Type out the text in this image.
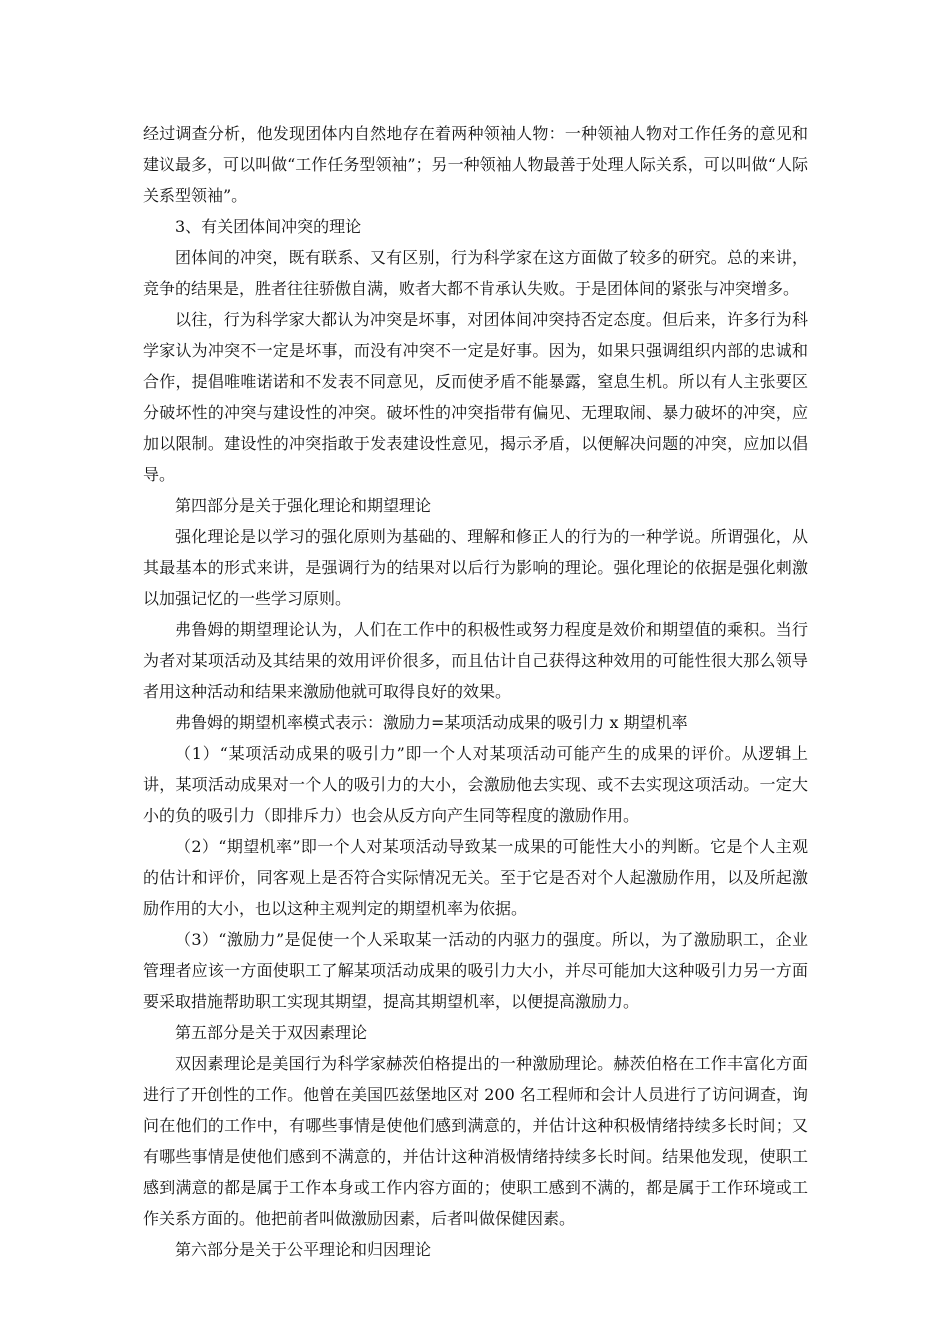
经过调查分析，他发现团体内自然地存在着两种领袖人物：一种领袖人物对工作任务的意见和建议最多，可以叫做“工作任务型领袖”；另一种领袖人物最善于处理人际关系，可以叫做“人际关系型领袖”。

3、有关团体间冲突的理论

团体间的冲突，既有联系、又有区别，行为科学家在这方面做了较多的研究。总的来讲，竞争的结果是，胜者往往骄傲自满，败者大都不肯承认失败。于是团体间的紧张与冲突增多。

以往，行为科学家大都认为冲突是坏事，对团体间冲突持否定态度。但后来，许多行为科学家认为冲突不一定是坏事，而没有冲突不一定是好事。因为，如果只强调组织内部的忠诚和合作，提倡唯唯诺诺和不发表不同意见，反而使矛盾不能暴露，窒息生机。所以有人主张要区分破坏性的冲突与建设性的冲突。破坏性的冲突指带有偏见、无理取闹、暴力破坏的冲突，应加以限制。建设性的冲突指敢于发表建设性意见，揭示矛盾，以便解决问题的冲突，应加以倡导。

第四部分是关于强化理论和期望理论

强化理论是以学习的强化原则为基础的、理解和修正人的行为的一种学说。所谓强化，从其最基本的形式来讲，是强调行为的结果对以后行为影响的理论。强化理论的依据是强化刺激以加强记忆的一些学习原则。

弗鲁姆的期望理论认为，人们在工作中的积极性或努力程度是效价和期望值的乘积。当行为者对某项活动及其结果的效用评价很多，而且估计自己获得这种效用的可能性很大那么领导者用这种活动和结果来激励他就可取得良好的效果。

弗鲁姆的期望机率模式表示：激励力=某项活动成果的吸引力 x 期望机率

（1）“某项活动成果的吸引力”即一个人对某项活动可能产生的成果的评价。从逻辑上讲，某项活动成果对一个人的吸引力的大小，会激励他去实现、或不去实现这项活动。一定大小的负的吸引力（即排斥力）也会从反方向产生同等程度的激励作用。

（2）“期望机率”即一个人对某项活动导致某一成果的可能性大小的判断。它是个人主观的估计和评价，同客观上是否符合实际情况无关。至于它是否对个人起激励作用，以及所起激励作用的大小，也以这种主观判定的期望机率为依据。

（3）“激励力”是促使一个人采取某一活动的内驱力的强度。所以，为了激励职工，企业管理者应该一方面使职工了解某项活动成果的吸引力大小，并尽可能加大这种吸引力另一方面要采取措施帮助职工实现其期望，提高其期望机率，以便提高激励力。

第五部分是关于双因素理论

双因素理论是美国行为科学家赫茨伯格提出的一种激励理论。赫茨伯格在工作丰富化方面进行了开创性的工作。他曾在美国匹兹堡地区对 200 名工程师和会计人员进行了访问调查，询问在他们的工作中，有哪些事情是使他们感到满意的，并估计这种积极情绪持续多长时间；又有哪些事情是使他们感到不满意的，并估计这种消极情绪持续多长时间。结果他发现，使职工感到满意的都是属于工作本身或工作内容方面的；使职工感到不满的，都是属于工作环境或工作关系方面的。他把前者叫做激励因素，后者叫做保健因素。

第六部分是关于公平理论和归因理论
